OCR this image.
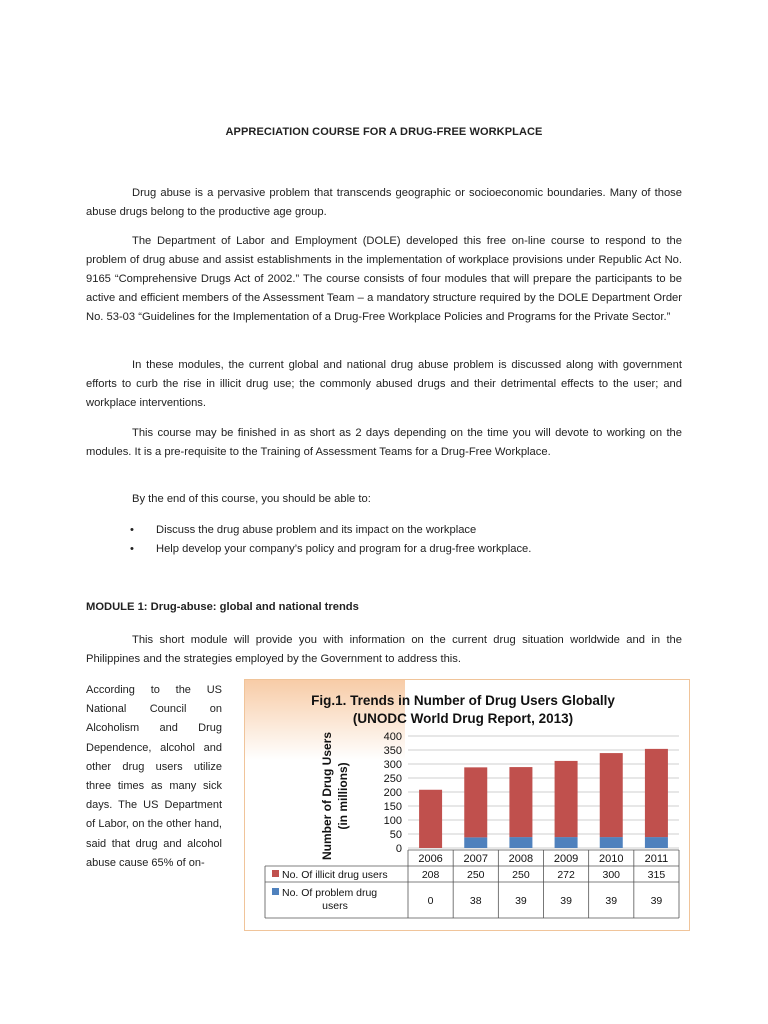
APPRECIATION COURSE FOR A DRUG-FREE WORKPLACE

Drug abuse is a pervasive problem that transcends geographic or socioeconomic boundaries. Many of those abuse drugs belong to the productive age group.

The Department of Labor and Employment (DOLE) developed this free on-line course to respond to the problem of drug abuse and assist establishments in the implementation of workplace provisions under Republic Act No. 9165 “Comprehensive Drugs Act of 2002.” The course consists of four modules that will prepare the participants to be active and efficient members of the Assessment Team – a mandatory structure required by the DOLE Department Order No. 53-03 “Guidelines for the Implementation of a Drug-Free Workplace Policies and Programs for the Private Sector.”

In these modules, the current global and national drug abuse problem is discussed along with government efforts to curb the rise in illicit drug use; the commonly abused drugs and their detrimental effects to the user; and workplace interventions.

This course may be finished in as short as 2 days depending on the time you will devote to working on the modules. It is a pre-requisite to the Training of Assessment Teams for a Drug-Free Workplace.

By the end of this course, you should be able to:

• Discuss the drug abuse problem and its impact on the workplace
• Help develop your company’s policy and program for a drug-free workplace.
MODULE 1: Drug-abuse: global and national trends

This short module will provide you with information on the current drug situation worldwide and in the Philippines and the strategies employed by the Government to address this.

According to the US National Council on Alcoholism and Drug Dependence, alcohol and other drug users utilize three times as many sick days. The US Department of Labor, on the other hand, said that drug and alcohol abuse cause 65% of on-

Fig.1. Trends in Number of Drug Users Globally
(UNODC World Drug Report, 2013)
Number of Drug Users (in millions)
0
50
100
150
200
250
300
350
400
2006 2007 2008 2009 2010 2011
No. Of illicit drug users
No. Of problem drug
users
208
0
250
38
250
39
272
39
300
39
315
39
